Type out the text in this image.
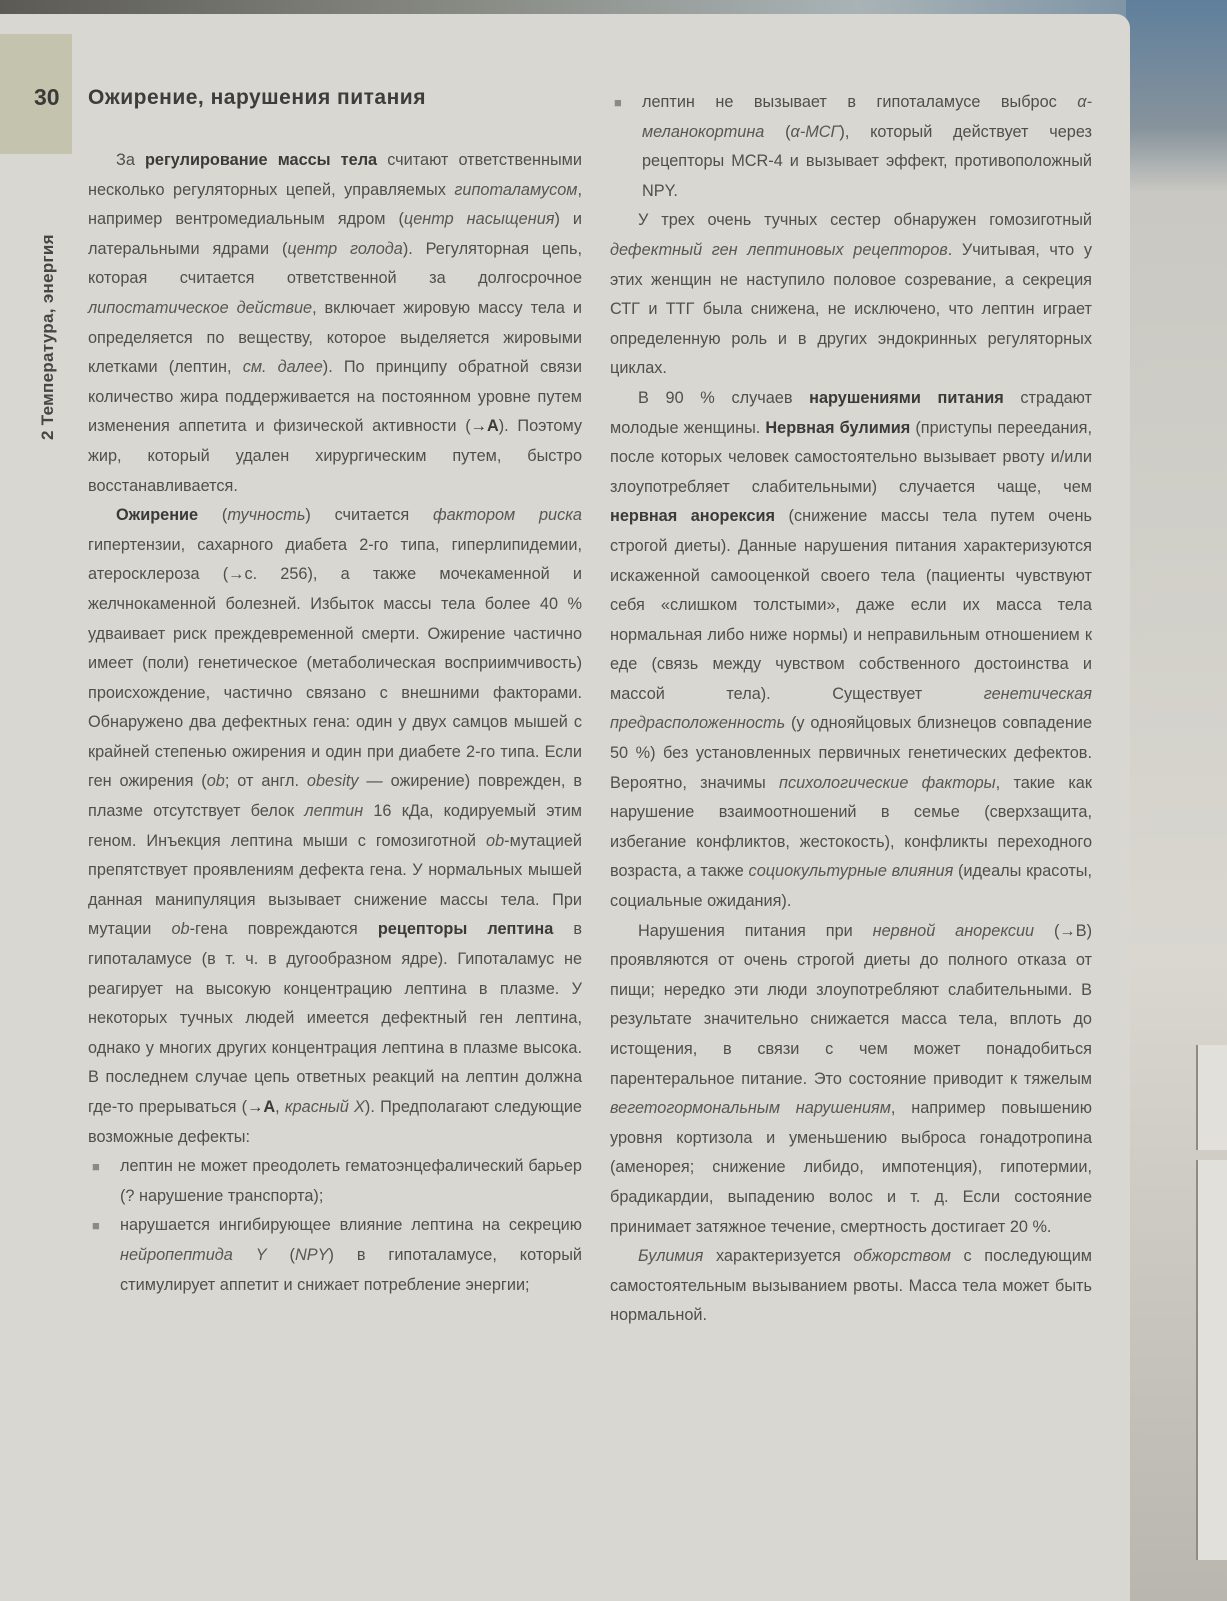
30 Ожирение, нарушения питания
2 Температура, энергия

За регулирование массы тела считают ответственными несколько регуляторных цепей, управляемых гипоталамусом, например вентромедиальным ядром (центр насыщения) и латеральными ядрами (центр голода). Регуляторная цепь, которая считается ответственной за долгосрочное липостатическое действие, включает жировую массу тела и определяется по веществу, которое выделяется жировыми клетками (лептин, см. далее). По принципу обратной связи количество жира поддерживается на постоянном уровне путем изменения аппетита и физической активности (→A). Поэтому жир, который удален хирургическим путем, быстро восстанавливается.

Ожирение (тучность) считается фактором риска гипертензии, сахарного диабета 2-го типа, гиперлипидемии, атеросклероза (→с. 256), а также мочекаменной и желчнокаменной болезней. Избыток массы тела более 40 % удваивает риск преждевременной смерти. Ожирение частично имеет (поли) генетическое (метаболическая восприимчивость) происхождение, частично связано с внешними факторами. Обнаружено два дефектных гена: один у двух самцов мышей с крайней степенью ожирения и один при диабете 2-го типа. Если ген ожирения (ob; от англ. obesity — ожирение) поврежден, в плазме отсутствует белок лептин 16 кДа, кодируемый этим геном. Инъекция лептина мыши с гомозиготной ob-мутацией препятствует проявлениям дефекта гена. У нормальных мышей данная манипуляция вызывает снижение массы тела. При мутации ob-гена повреждаются рецепторы лептина в гипоталамусе (в т. ч. в дугообразном ядре). Гипоталамус не реагирует на высокую концентрацию лептина в плазме. У некоторых тучных людей имеется дефектный ген лептина, однако у многих других концентрация лептина в плазме высока. В последнем случае цепь ответных реакций на лептин должна где-то прерываться (→A, красный X). Предполагают следующие возможные дефекты:

■ лептин не может преодолеть гематоэнцефалический барьер (? нарушение транспорта);

■ нарушается ингибирующее влияние лептина на секрецию нейропептида Y (NPY) в гипоталамусе, который стимулирует аппетит и снижает потребление энергии;

■ лептин не вызывает в гипоталамусе выброс α-меланокортина (α-МСГ), который действует через рецепторы MCR-4 и вызывает эффект, противоположный NPY.

У трех очень тучных сестер обнаружен гомозиготный дефектный ген лептиновых рецепторов. Учитывая, что у этих женщин не наступило половое созревание, а секреция СТГ и ТТГ была снижена, не исключено, что лептин играет определенную роль и в других эндокринных регуляторных циклах.

В 90 % случаев нарушениями питания страдают молодые женщины. Нервная булимия (приступы переедания, после которых человек самостоятельно вызывает рвоту и/или злоупотребляет слабительными) случается чаще, чем нервная анорексия (снижение массы тела путем очень строгой диеты). Данные нарушения питания характеризуются искаженной самооценкой своего тела (пациенты чувствуют себя «слишком толстыми», даже если их масса тела нормальная либо ниже нормы) и неправильным отношением к еде (связь между чувством собственного достоинства и массой тела). Существует генетическая предрасположенность (у однояйцовых близнецов совпадение 50 %) без установленных первичных генетических дефектов. Вероятно, значимы психологические факторы, такие как нарушение взаимоотношений в семье (сверхзащита, избегание конфликтов, жестокость), конфликты переходного возраста, а также социокультурные влияния (идеалы красоты, социальные ожидания).

Нарушения питания при нервной анорексии (→B) проявляются от очень строгой диеты до полного отказа от пищи; нередко эти люди злоупотребляют слабительными. В результате значительно снижается масса тела, вплоть до истощения, в связи с чем может понадобиться парентеральное питание. Это состояние приводит к тяжелым вегетогормональным нарушениям, например повышению уровня кортизола и уменьшению выброса гонадотропина (аменорея; снижение либидо, импотенция), гипотермии, брадикардии, выпадению волос и т. д. Если состояние принимает затяжное течение, смертность достигает 20 %.

Булимия характеризуется обжорством с последующим самостоятельным вызыванием рвоты. Масса тела может быть нормальной.
